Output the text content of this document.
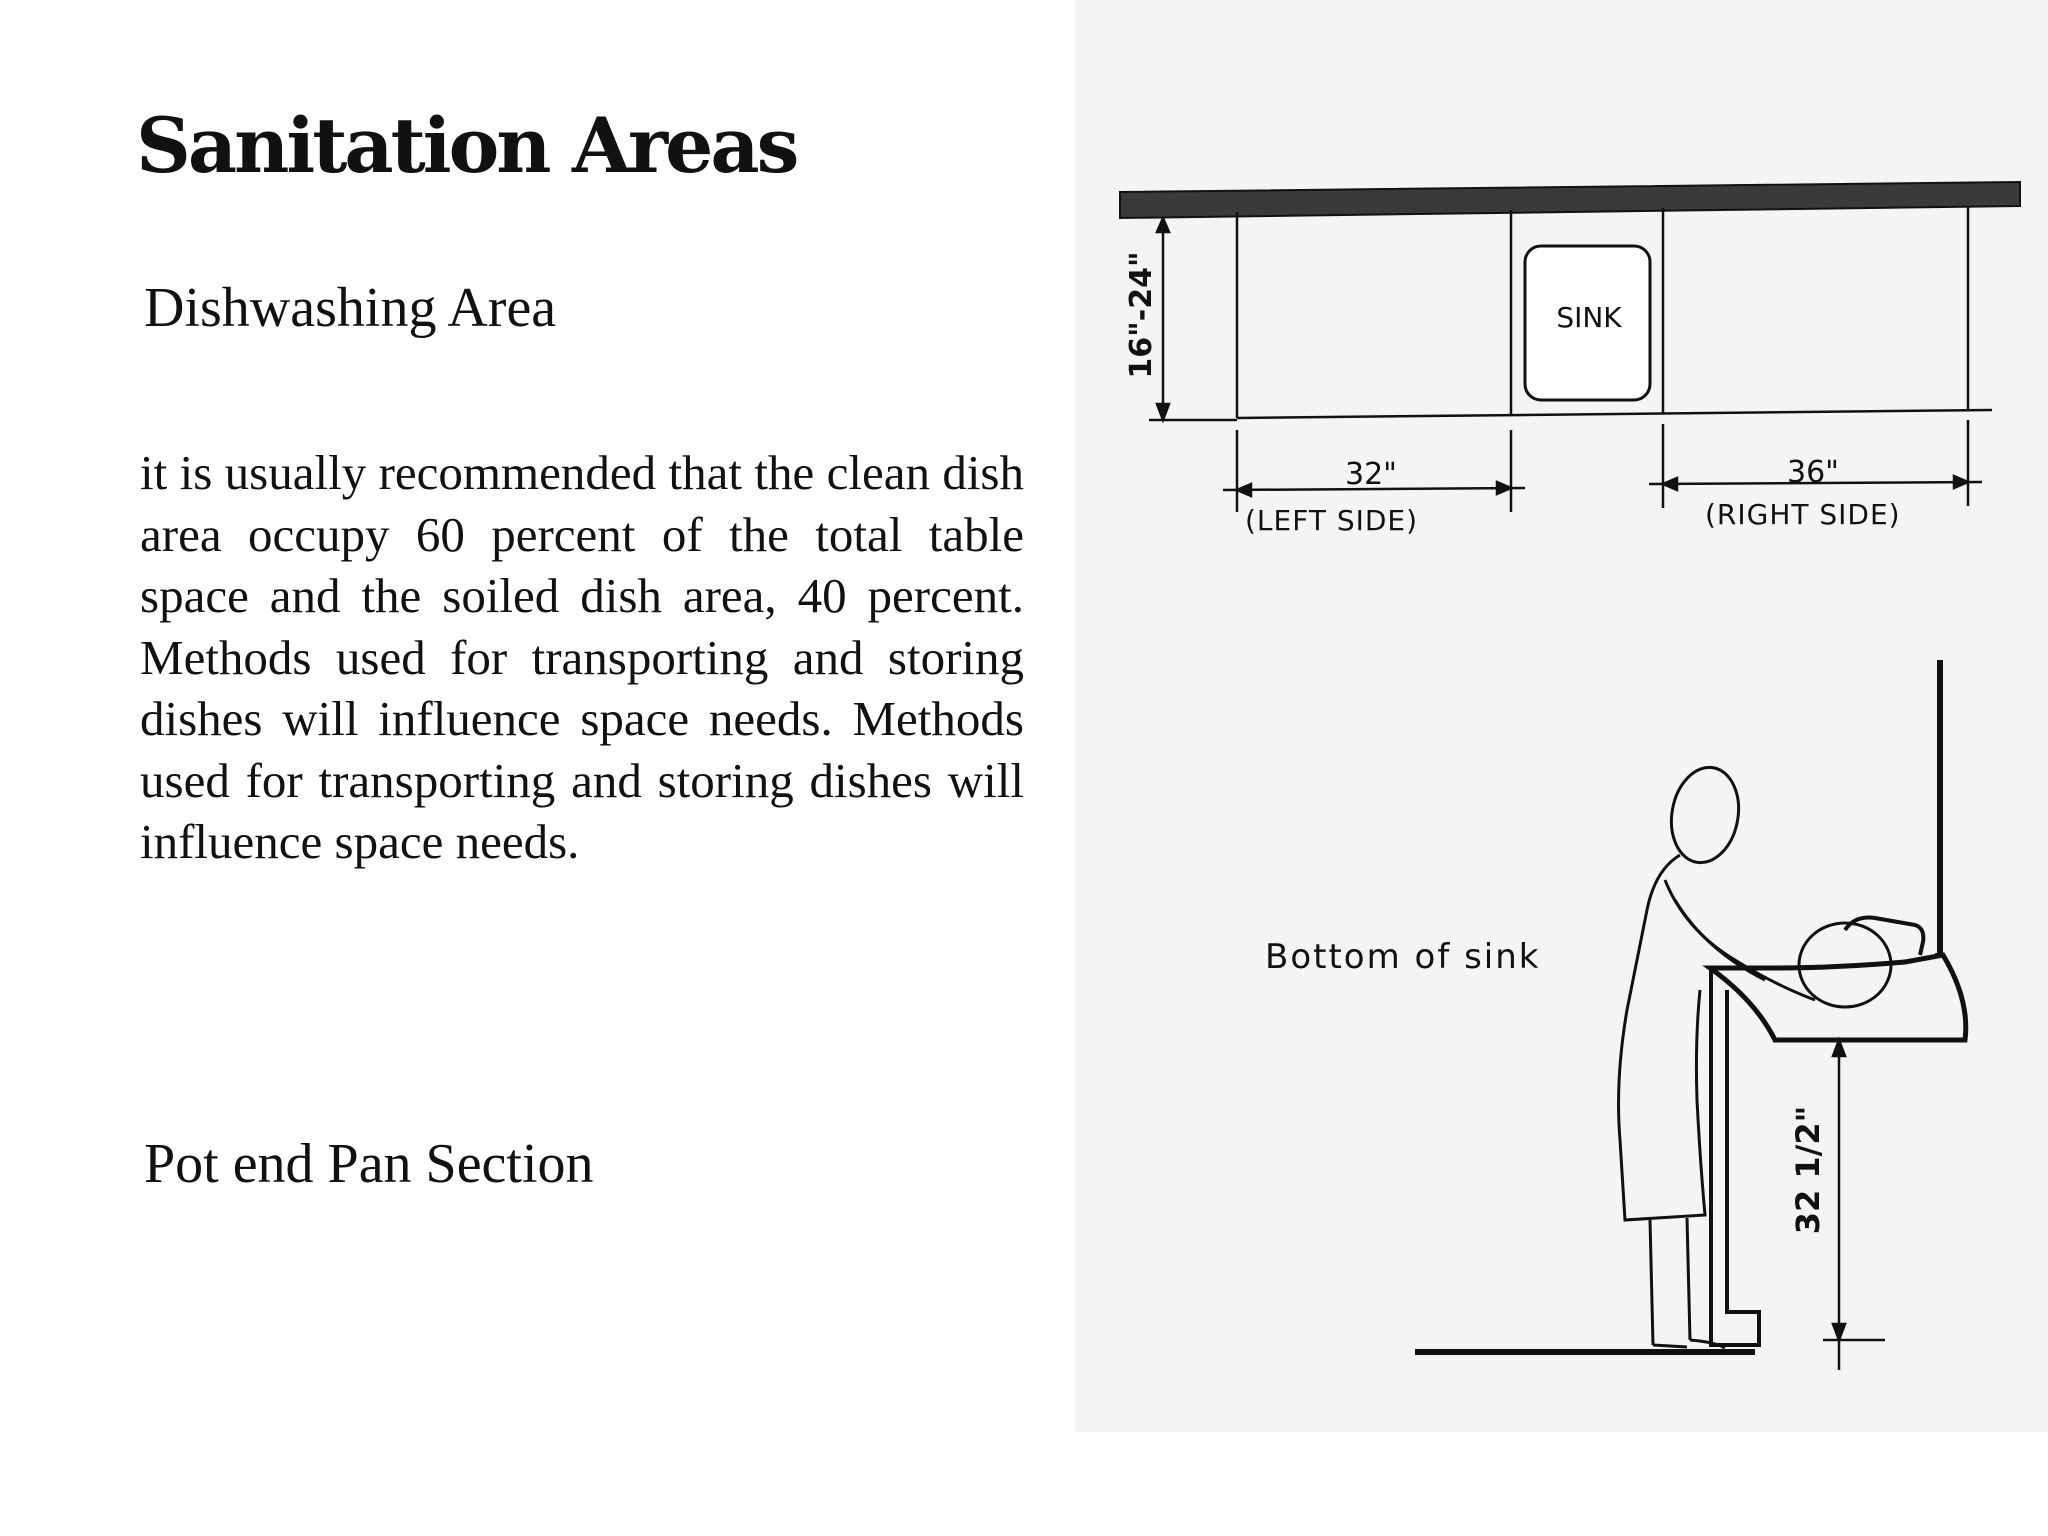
Sanitation Areas
Dishwashing Area

it is usually recommended that the clean dish area occupy 60 percent of the total table space and the soiled dish area, 40 percent. Methods used for transporting and storing dishes will influence space needs. Methods used for transporting and storing dishes will influence space needs.

Pot end Pan Section
SINK
16"-24"
32"
(LEFT SIDE)
36"
(RIGHT SIDE)
Bottom of sink
32 1/2"
